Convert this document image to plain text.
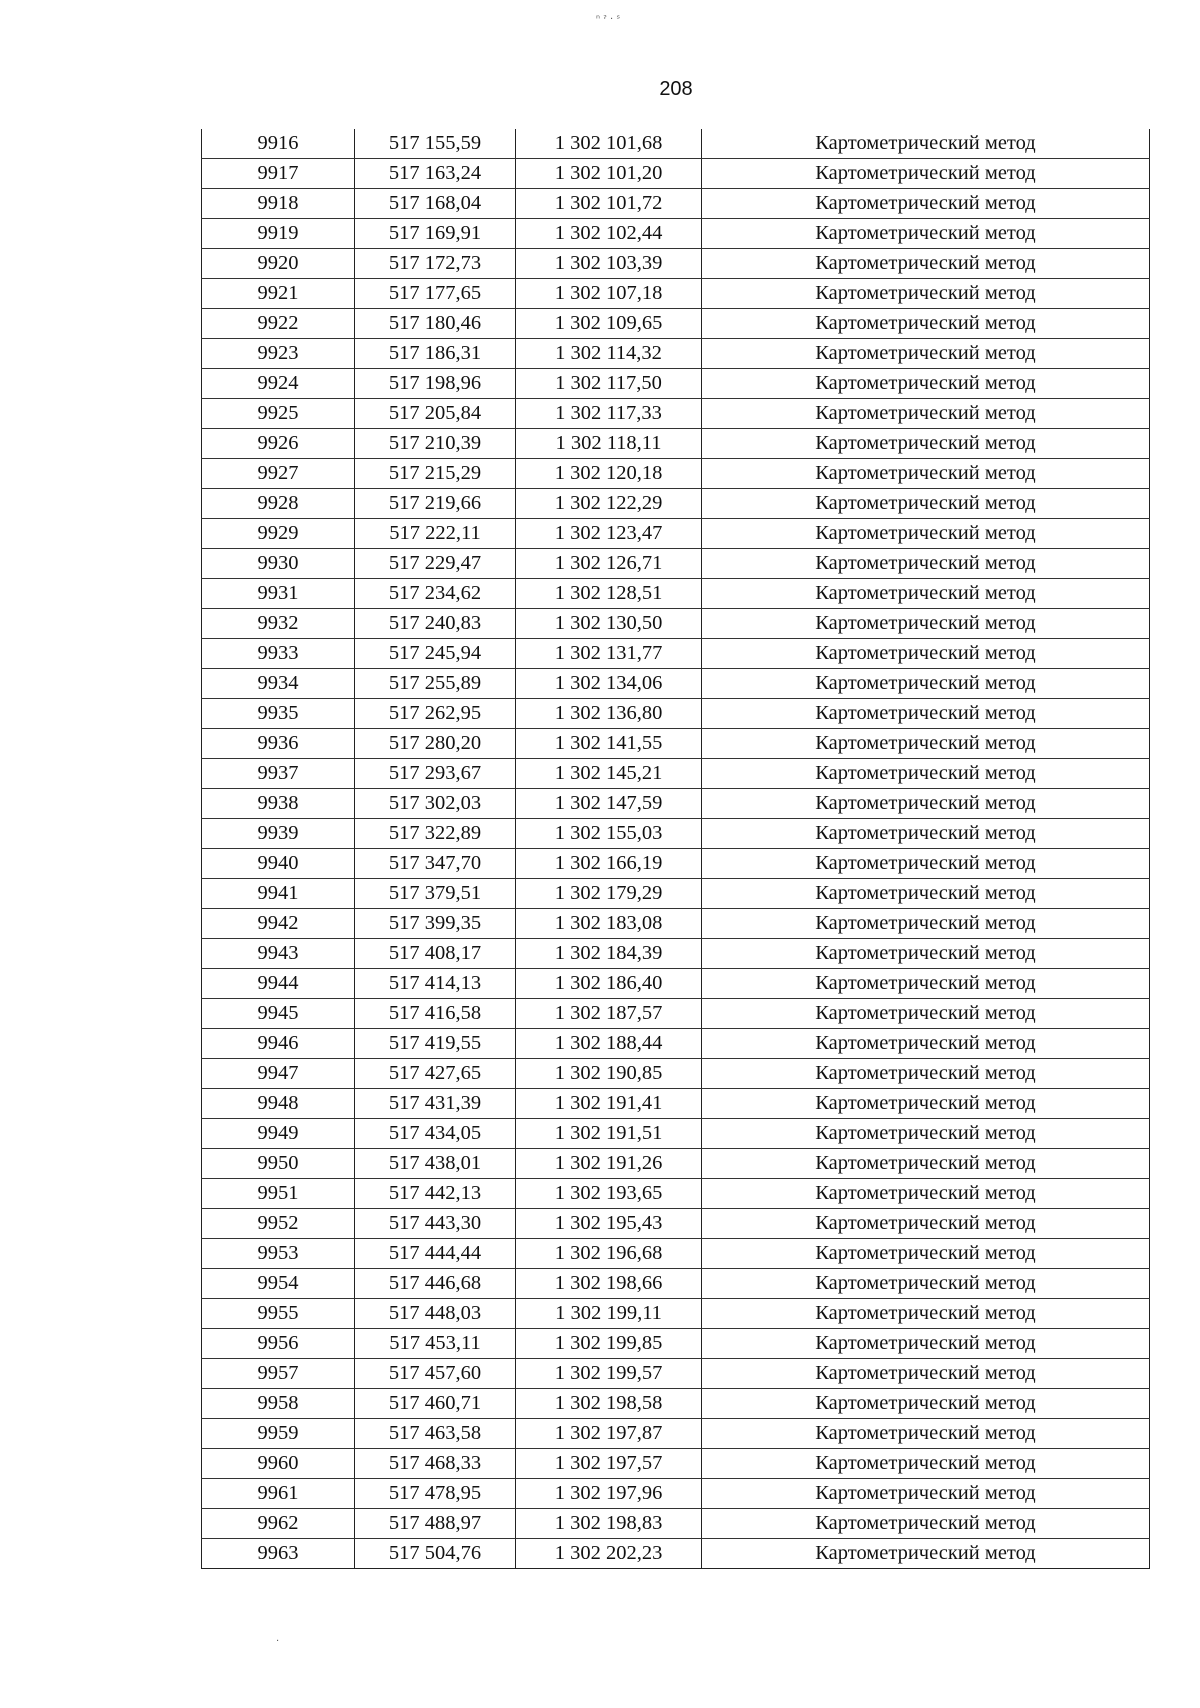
ⁿ ˀ · ˢ
208
9916	517 155,59	1 302 101,68	Картометрический метод
9917	517 163,24	1 302 101,20	Картометрический метод
9918	517 168,04	1 302 101,72	Картометрический метод
9919	517 169,91	1 302 102,44	Картометрический метод
9920	517 172,73	1 302 103,39	Картометрический метод
9921	517 177,65	1 302 107,18	Картометрический метод
9922	517 180,46	1 302 109,65	Картометрический метод
9923	517 186,31	1 302 114,32	Картометрический метод
9924	517 198,96	1 302 117,50	Картометрический метод
9925	517 205,84	1 302 117,33	Картометрический метод
9926	517 210,39	1 302 118,11	Картометрический метод
9927	517 215,29	1 302 120,18	Картометрический метод
9928	517 219,66	1 302 122,29	Картометрический метод
9929	517 222,11	1 302 123,47	Картометрический метод
9930	517 229,47	1 302 126,71	Картометрический метод
9931	517 234,62	1 302 128,51	Картометрический метод
9932	517 240,83	1 302 130,50	Картометрический метод
9933	517 245,94	1 302 131,77	Картометрический метод
9934	517 255,89	1 302 134,06	Картометрический метод
9935	517 262,95	1 302 136,80	Картометрический метод
9936	517 280,20	1 302 141,55	Картометрический метод
9937	517 293,67	1 302 145,21	Картометрический метод
9938	517 302,03	1 302 147,59	Картометрический метод
9939	517 322,89	1 302 155,03	Картометрический метод
9940	517 347,70	1 302 166,19	Картометрический метод
9941	517 379,51	1 302 179,29	Картометрический метод
9942	517 399,35	1 302 183,08	Картометрический метод
9943	517 408,17	1 302 184,39	Картометрический метод
9944	517 414,13	1 302 186,40	Картометрический метод
9945	517 416,58	1 302 187,57	Картометрический метод
9946	517 419,55	1 302 188,44	Картометрический метод
9947	517 427,65	1 302 190,85	Картометрический метод
9948	517 431,39	1 302 191,41	Картометрический метод
9949	517 434,05	1 302 191,51	Картометрический метод
9950	517 438,01	1 302 191,26	Картометрический метод
9951	517 442,13	1 302 193,65	Картометрический метод
9952	517 443,30	1 302 195,43	Картометрический метод
9953	517 444,44	1 302 196,68	Картометрический метод
9954	517 446,68	1 302 198,66	Картометрический метод
9955	517 448,03	1 302 199,11	Картометрический метод
9956	517 453,11	1 302 199,85	Картометрический метод
9957	517 457,60	1 302 199,57	Картометрический метод
9958	517 460,71	1 302 198,58	Картометрический метод
9959	517 463,58	1 302 197,87	Картометрический метод
9960	517 468,33	1 302 197,57	Картометрический метод
9961	517 478,95	1 302 197,96	Картометрический метод
9962	517 488,97	1 302 198,83	Картометрический метод
9963	517 504,76	1 302 202,23	Картометрический метод
·
